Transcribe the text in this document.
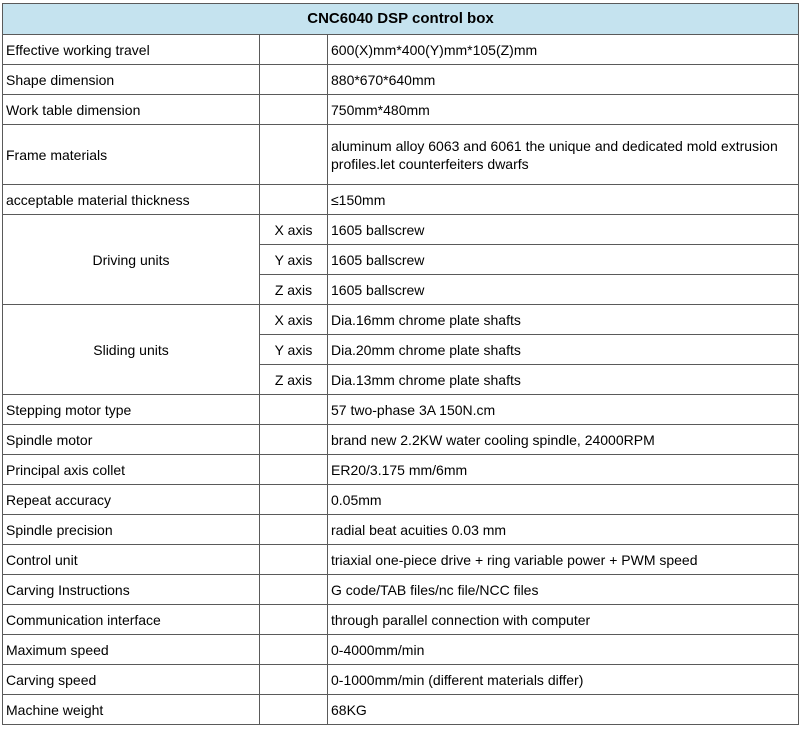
CNC6040 DSP control box		
Effective working travel		600(X)mm*400(Y)mm*105(Z)mm
Shape dimension		880*670*640mm
Work table dimension		750mm*480mm
Frame materials		aluminum alloy 6063 and 6061 the unique and dedicated mold extrusion profiles.let counterfeiters dwarfs
acceptable material thickness		≤150mm
Driving units	X axis	1605 ballscrew
	Y axis	1605 ballscrew
	Z axis	1605 ballscrew
Sliding units	X axis	Dia.16mm chrome plate shafts
	Y axis	Dia.20mm chrome plate shafts
	Z axis	Dia.13mm chrome plate shafts
Stepping motor type		57 two-phase 3A 150N.cm
Spindle motor		brand new 2.2KW water cooling spindle, 24000RPM
Principal axis collet		ER20/3.175 mm/6mm
Repeat accuracy		0.05mm
Spindle precision		radial beat acuities 0.03 mm
Control unit		triaxial one-piece drive + ring variable power + PWM speed
Carving Instructions		G code/TAB files/nc file/NCC files
Communication interface		through parallel connection with computer
Maximum speed		0-4000mm/min
Carving speed		0-1000mm/min (different materials differ)
Machine weight		68KG
